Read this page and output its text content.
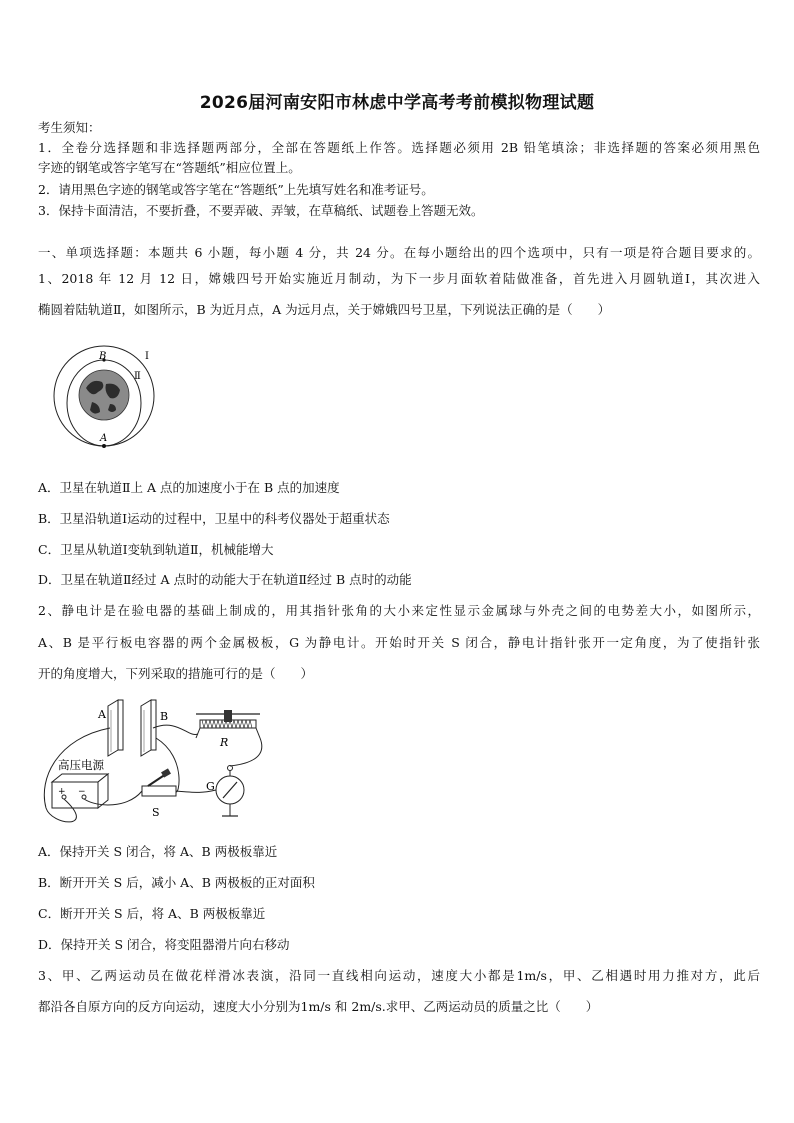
2026届河南安阳市林虑中学高考考前模拟物理试题
考生须知：
1．全卷分选择题和非选择题两部分，全部在答题纸上作答。选择题必须用 2B 铅笔填涂；非选择题的答案必须用黑色
字迹的钢笔或答字笔写在“答题纸”相应位置上。
2．请用黑色字迹的钢笔或答字笔在“答题纸”上先填写姓名和准考证号。
3．保持卡面清洁，不要折叠，不要弄破、弄皱，在草稿纸、试题卷上答题无效。
一、单项选择题：本题共 6 小题，每小题 4 分，共 24 分。在每小题给出的四个选项中，只有一项是符合题目要求的。
1、2018 年 12 月 12 日，嫦娥四号开始实施近月制动，为下一步月面软着陆做准备，首先进入月圆轨道Ⅰ，其次进入
椭圆着陆轨道Ⅱ，如图所示，B 为近月点，A 为远月点，关于嫦娥四号卫星，下列说法正确的是（　　）
B
A
Ⅰ
Ⅱ
A．卫星在轨道Ⅱ上 A 点的加速度小于在 B 点的加速度
B．卫星沿轨道Ⅰ运动的过程中，卫星中的科考仪器处于超重状态
C．卫星从轨道Ⅰ变轨到轨道Ⅱ，机械能增大
D．卫星在轨道Ⅱ经过 A 点时的动能大于在轨道Ⅱ经过 B 点时的动能
2、静电计是在验电器的基础上制成的，用其指针张角的大小来定性显示金属球与外壳之间的电势差大小，如图所示，
A、B 是平行板电容器的两个金属极板，G 为静电计。开始时开关 S 闭合，静电计指针张开一定角度，为了使指针张
开的角度增大，下列采取的措施可行的是（　　）
A	B
R
G
高压电源
+ −
S
A．保持开关 S 闭合，将 A、B 两极板靠近
B．断开开关 S 后，减小 A、B 两极板的正对面积
C．断开开关 S 后，将 A、B 两极板靠近
D．保持开关 S 闭合，将变阻器滑片向右移动
3、甲、乙两运动员在做花样滑冰表演，沿同一直线相向运动，速度大小都是1m/s，甲、乙相遇时用力推对方，此后
都沿各自原方向的反方向运动，速度大小分别为1m/s 和 2m/s.求甲、乙两运动员的质量之比（　　）
